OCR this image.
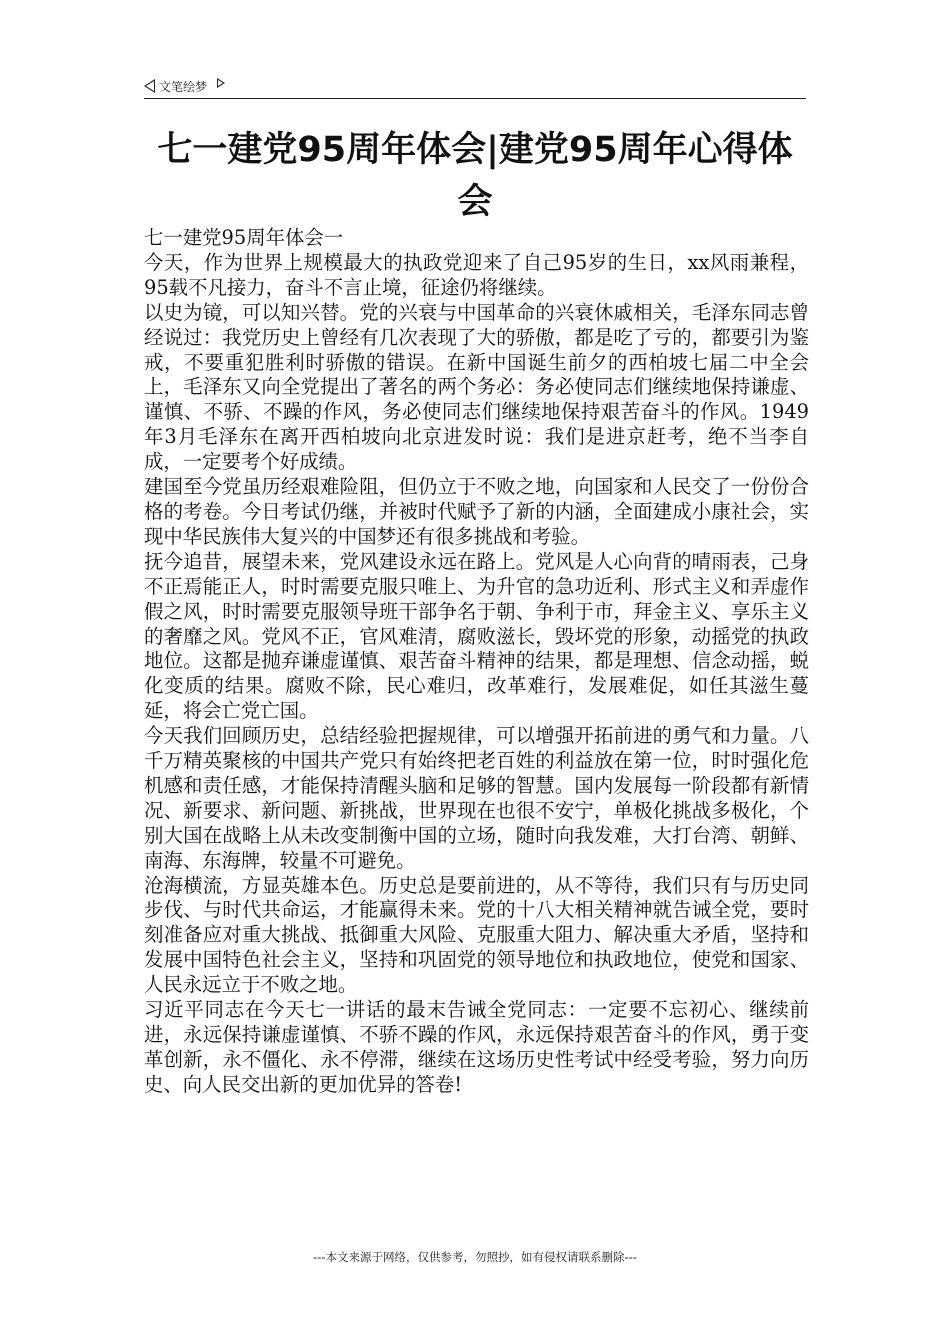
文笔绘梦
七一建党95周年体会|建党95周年心得体会

七一建党95周年体会一

今天，作为世界上规模最大的执政党迎来了自己95岁的生日，xx风雨兼程，95载不凡接力，奋斗不言止境，征途仍将继续。

以史为镜，可以知兴替。党的兴衰与中国革命的兴衰休戚相关，毛泽东同志曾经说过：我党历史上曾经有几次表现了大的骄傲，都是吃了亏的，都要引为鉴戒，不要重犯胜利时骄傲的错误。在新中国诞生前夕的西柏坡七届二中全会上，毛泽东又向全党提出了著名的两个务必：务必使同志们继续地保持谦虚、谨慎、不骄、不躁的作风，务必使同志们继续地保持艰苦奋斗的作风。1949年3月毛泽东在离开西柏坡向北京进发时说：我们是进京赶考，绝不当李自成，一定要考个好成绩。

建国至今党虽历经艰难险阻，但仍立于不败之地，向国家和人民交了一份份合格的考卷。今日考试仍继，并被时代赋予了新的内涵，全面建成小康社会，实现中华民族伟大复兴的中国梦还有很多挑战和考验。

抚今追昔，展望未来，党风建设永远在路上。党风是人心向背的晴雨表，己身不正焉能正人，时时需要克服只唯上、为升官的急功近利、形式主义和弄虚作假之风，时时需要克服领导班干部争名于朝、争利于市，拜金主义、享乐主义的奢靡之风。党风不正，官风难清，腐败滋长，毁坏党的形象，动摇党的执政地位。这都是抛弃谦虚谨慎、艰苦奋斗精神的结果，都是理想、信念动摇，蜕化变质的结果。腐败不除，民心难归，改革难行，发展难促，如任其滋生蔓延，将会亡党亡国。

今天我们回顾历史，总结经验把握规律，可以增强开拓前进的勇气和力量。八千万精英聚核的中国共产党只有始终把老百姓的利益放在第一位，时时强化危机感和责任感，才能保持清醒头脑和足够的智慧。国内发展每一阶段都有新情况、新要求、新问题、新挑战，世界现在也很不安宁，单极化挑战多极化，个别大国在战略上从未改变制衡中国的立场，随时向我发难，大打台湾、朝鲜、南海、东海牌，较量不可避免。

沧海横流，方显英雄本色。历史总是要前进的，从不等待，我们只有与历史同步伐、与时代共命运，才能赢得未来。党的十八大相关精神就告诫全党，要时刻准备应对重大挑战、抵御重大风险、克服重大阻力、解决重大矛盾，坚持和发展中国特色社会主义，坚持和巩固党的领导地位和执政地位，使党和国家、人民永远立于不败之地。

习近平同志在今天七一讲话的最末告诫全党同志：一定要不忘初心、继续前进，永远保持谦虚谨慎、不骄不躁的作风，永远保持艰苦奋斗的作风，勇于变革创新，永不僵化、永不停滞，继续在这场历史性考试中经受考验，努力向历史、向人民交出新的更加优异的答卷!

---本文来源于网络，仅供参考，勿照抄，如有侵权请联系删除---
